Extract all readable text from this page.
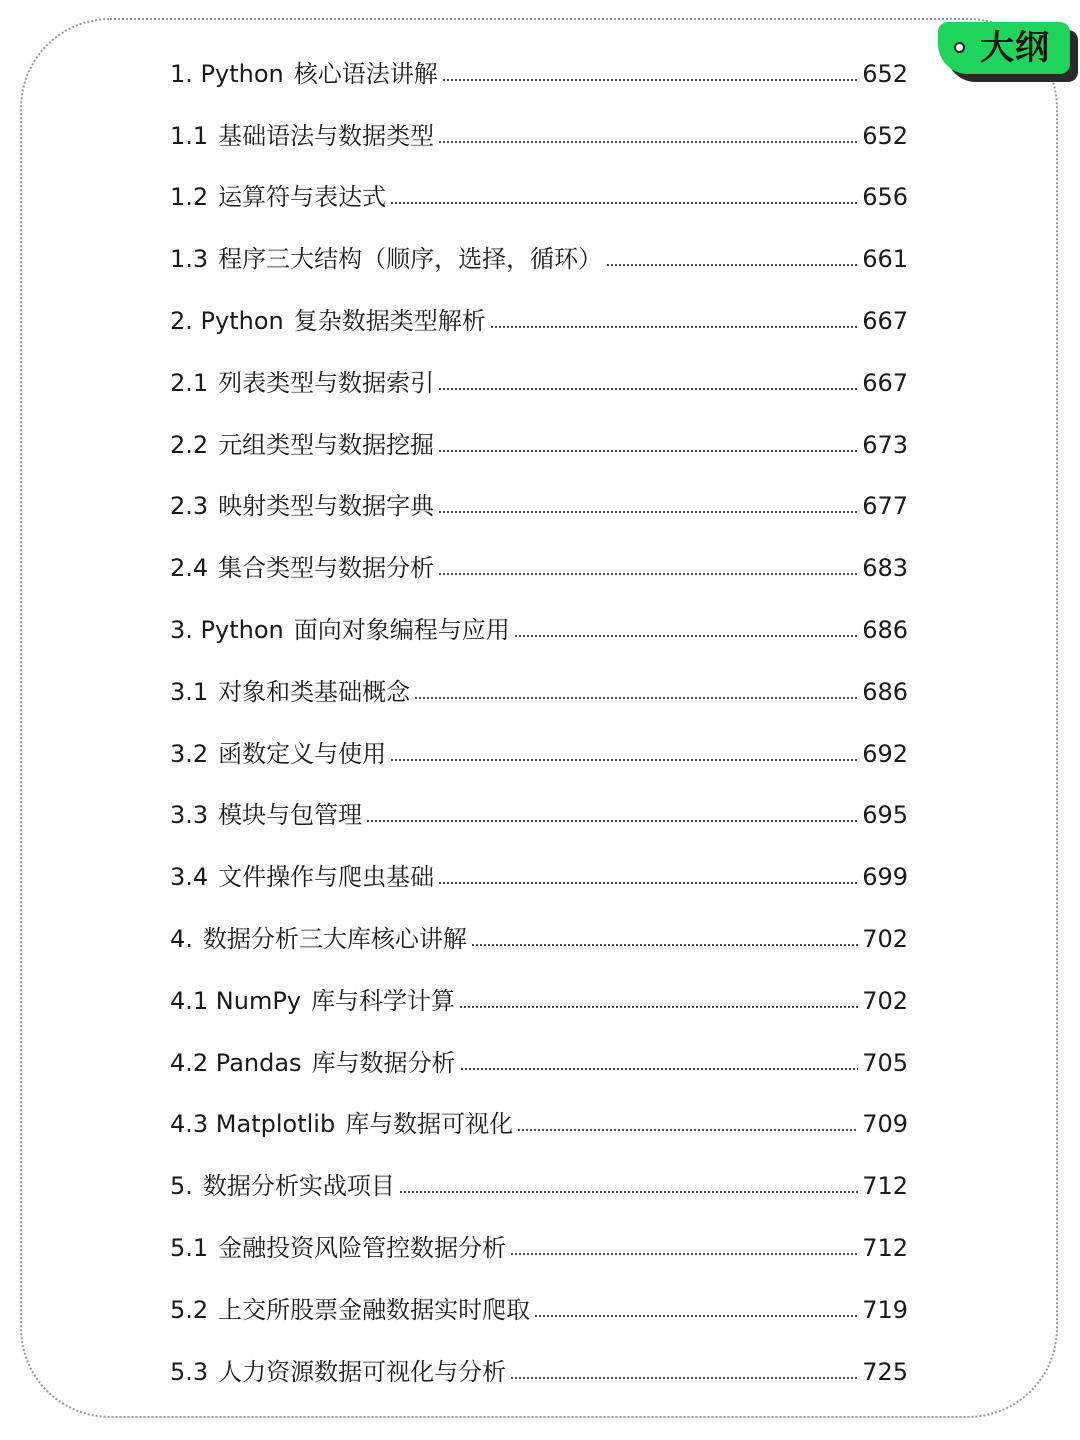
大纲
1. Python 核心语法讲解	652
1.1 基础语法与数据类型	652
1.2 运算符与表达式	656
1.3 程序三大结构（顺序，选择，循环）	661
2. Python 复杂数据类型解析	667
2.1 列表类型与数据索引	667
2.2 元组类型与数据挖掘	673
2.3 映射类型与数据字典	677
2.4 集合类型与数据分析	683
3. Python 面向对象编程与应用	686
3.1 对象和类基础概念	686
3.2 函数定义与使用	692
3.3 模块与包管理	695
3.4 文件操作与爬虫基础	699
4. 数据分析三大库核心讲解	702
4.1 NumPy 库与科学计算	702
4.2 Pandas 库与数据分析	705
4.3 Matplotlib 库与数据可视化	709
5. 数据分析实战项目	712
5.1 金融投资风险管控数据分析	712
5.2 上交所股票金融数据实时爬取	719
5.3 人力资源数据可视化与分析	725
